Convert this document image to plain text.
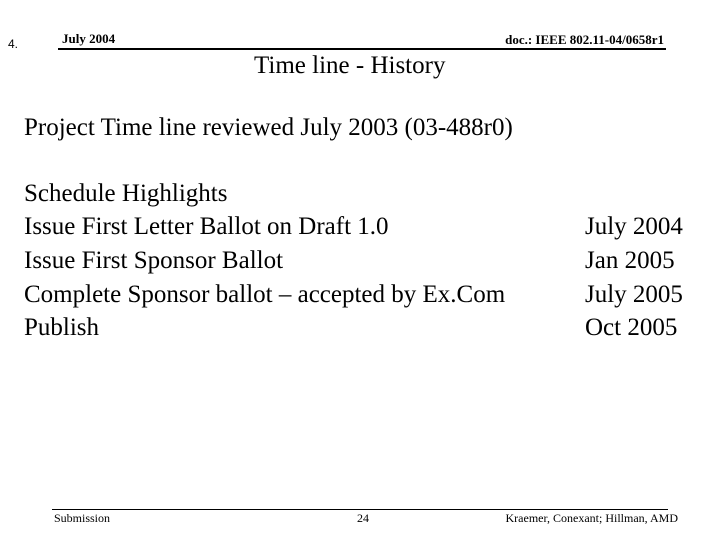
4.	July 2004	doc.: IEEE 802.11-04/0658r1
Time line - History
Project Time line reviewed July 2003 (03-488r0)
Schedule Highlights
Issue First Letter Ballot on Draft 1.0	July 2004
Issue First Sponsor Ballot	Jan 2005
Complete Sponsor ballot – accepted by Ex.Com	July 2005
Publish	Oct 2005
Submission	24	Kraemer, Conexant; Hillman, AMD
